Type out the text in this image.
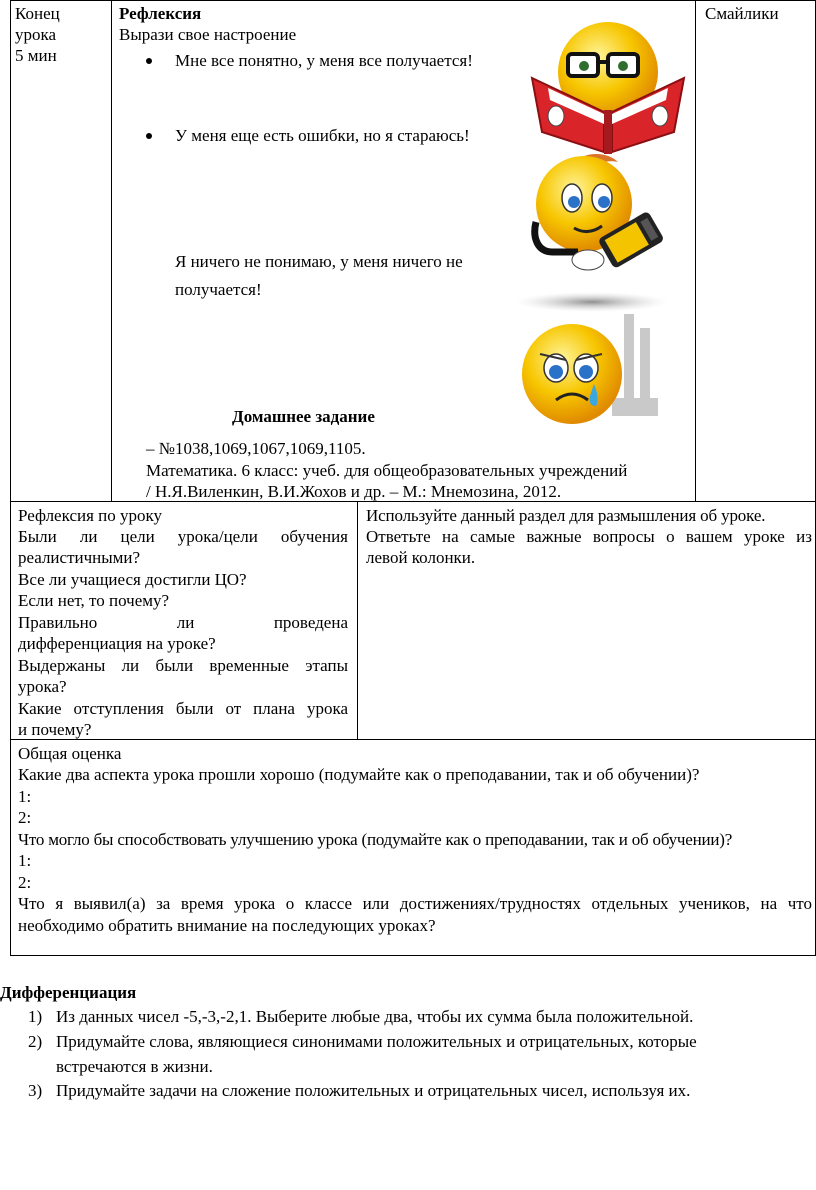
Конец
урока
5 мин
Рефлексия
Вырази свое настроение
Мне все понятно, у меня все получается!
У меня еще есть ошибки, но я стараюсь!
Я ничего не понимаю, у меня ничего не
получается!
Домашнее задание
– №1038,1069,1067,1069,1105.
Математика. 6 класс: учеб. для общеобразовательных учреждений
/ Н.Я.Виленкин, В.И.Жохов и др. – М.: Мнемозина, 2012.
Смайлики
Рефлексия по уроку
Были ли цели урока/цели обучения
реалистичными?
Все ли учащиеся достигли ЦО?
Если нет, то почему?
Правильно ли проведена
дифференциация на уроке?
Выдержаны ли были временные этапы
урока?
Какие отступления были от плана урока
и почему?
Используйте данный раздел для размышления об уроке.
Ответьте на самые важные вопросы о вашем уроке из
левой колонки.
Общая оценка
Какие два аспекта урока прошли хорошо (подумайте как о преподавании, так и об обучении)?
1:
2:
Что могло бы способствовать улучшению урока (подумайте как о преподавании, так и об обучении)?
1:
2:
Что я выявил(а) за время урока о классе или достижениях/трудностях отдельных учеников, на что
необходимо обратить внимание на последующих уроках?
Дифференциация
1) Из данных чисел -5,-3,-2,1. Выберите любые два, чтобы их сумма была положительной.
2) Придумайте слова, являющиеся синонимами положительных и отрицательных, которые
встречаются в жизни.
3) Придумайте задачи на сложение положительных и отрицательных чисел, используя их.
